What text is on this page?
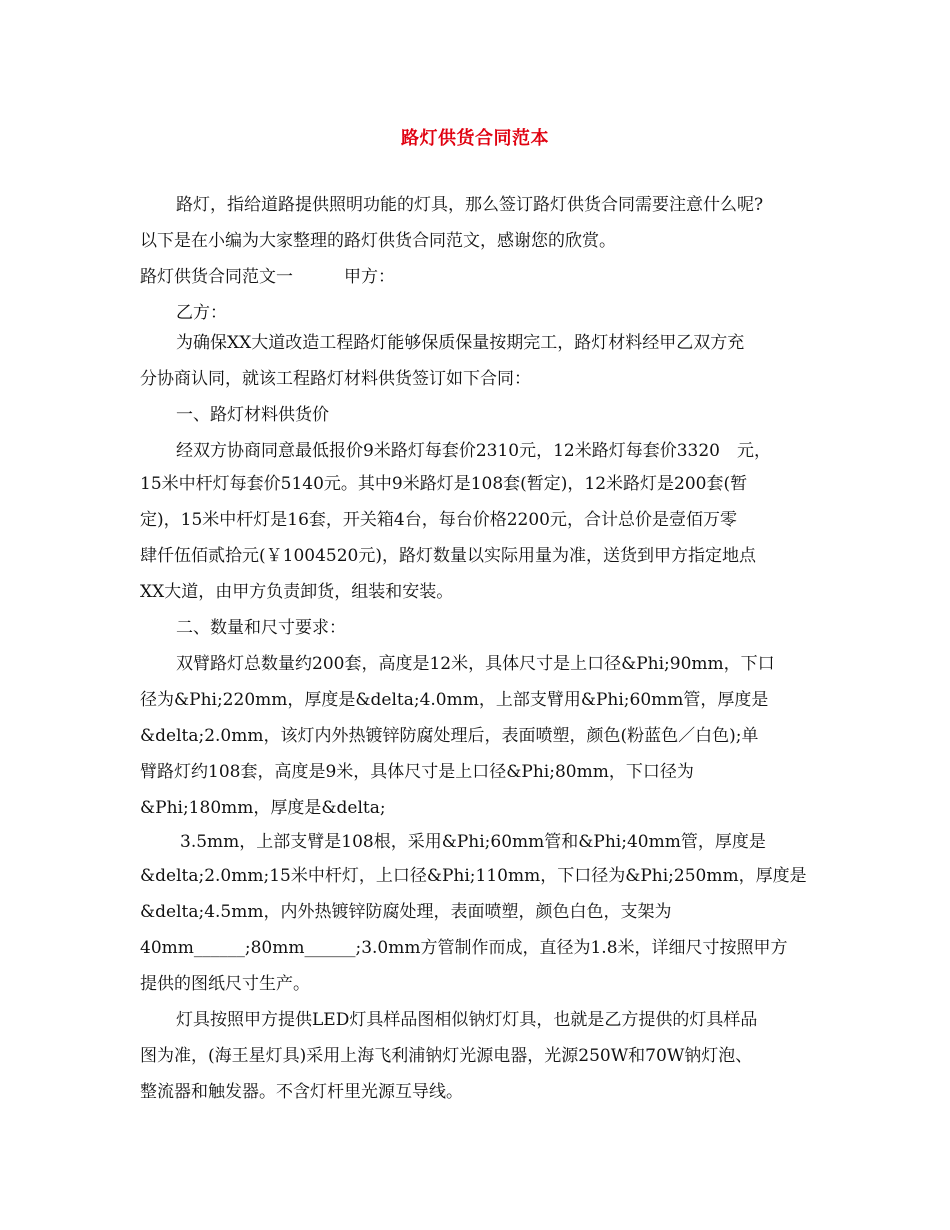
路灯供货合同范本
路灯，指给道路提供照明功能的灯具，那么签订路灯供货合同需要注意什么呢?
以下是在小编为大家整理的路灯供货合同范文，感谢您的欣赏。
路灯供货合同范文一　　　甲方：
乙方：
为确保XX大道改造工程路灯能够保质保量按期完工，路灯材料经甲乙双方充
分协商认同，就该工程路灯材料供货签订如下合同：
一、路灯材料供货价
经双方协商同意最低报价9米路灯每套价2310元，12米路灯每套价3320　元，
15米中杆灯每套价5140元。其中9米路灯是108套(暂定)，12米路灯是200套(暂
定)，15米中杆灯是16套，开关箱4台，每台价格2200元，合计总价是壹佰万零
肆仟伍佰贰拾元(￥1004520元)，路灯数量以实际用量为准，送货到甲方指定地点
XX大道，由甲方负责卸货，组装和安装。
二、数量和尺寸要求：
双臂路灯总数量约200套，高度是12米，具体尺寸是上口径&Phi;90mm，下口
径为&Phi;220mm，厚度是&delta;4.0mm，上部支臂用&Phi;60mm管，厚度是
&delta;2.0mm，该灯内外热镀锌防腐处理后，表面喷塑，颜色(粉蓝色／白色);单
臂路灯约108套，高度是9米，具体尺寸是上口径&Phi;80mm，下口径为
&Phi;180mm，厚度是&delta;
3.5mm，上部支臂是108根，采用&Phi;60mm管和&Phi;40mm管，厚度是
&delta;2.0mm;15米中杆灯，上口径&Phi;110mm，下口径为&Phi;250mm，厚度是
&delta;4.5mm，内外热镀锌防腐处理，表面喷塑，颜色白色，支架为
40mm______;80mm______;3.0mm方管制作而成，直径为1.8米，详细尺寸按照甲方
提供的图纸尺寸生产。
灯具按照甲方提供LED灯具样品图相似钠灯灯具，也就是乙方提供的灯具样品
图为准，(海王星灯具)采用上海飞利浦钠灯光源电器，光源250W和70W钠灯泡、
整流器和触发器。不含灯杆里光源互导线。
